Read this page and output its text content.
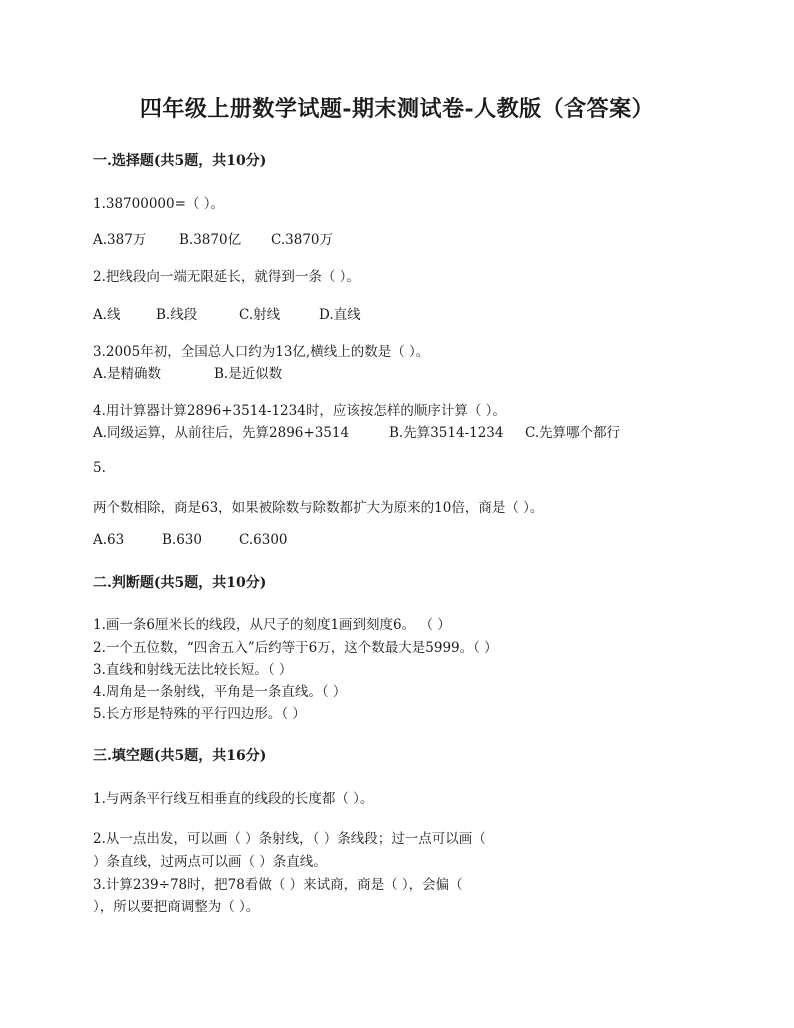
四年级上册数学试题-期末测试卷-人教版（含答案）
一.选择题(共5题，共10分)
1.38700000=（ ）。
A.387万 B.3870亿 C.3870万
2.把线段向一端无限延长，就得到一条（ ）。
A.线	B.线段	C.射线	D.直线
3.2005年初，全国总人口约为13亿,横线上的数是（ ）。
A.是精确数	B.是近似数
4.用计算器计算2896+3514-1234时，应该按怎样的顺序计算（ ）。
A.同级运算，从前往后，先算2896+3514	B.先算3514-1234 C.先算哪个都行
5.
两个数相除，商是63，如果被除数与除数都扩大为原来的10倍，商是（ ）。
A.63	B.630	C.6300
二.判断题(共5题，共10分)
1.画一条6厘米长的线段，从尺子的刻度1画到刻度6。 （ ）
2.一个五位数，“四舍五入”后约等于6万，这个数最大是5999。（ ）
3.直线和射线无法比较长短。（ ）
4.周角是一条射线，平角是一条直线。（ ）
5.长方形是特殊的平行四边形。（ ）
三.填空题(共5题，共16分)
1.与两条平行线互相垂直的线段的长度都（ ）。
2.从一点出发，可以画（ ）条射线，（ ）条线段；过一点可以画（
）条直线，过两点可以画（ ）条直线。
3.计算239÷78时，把78看做（ ）来试商，商是（ ），会偏（
），所以要把商调整为（ ）。
